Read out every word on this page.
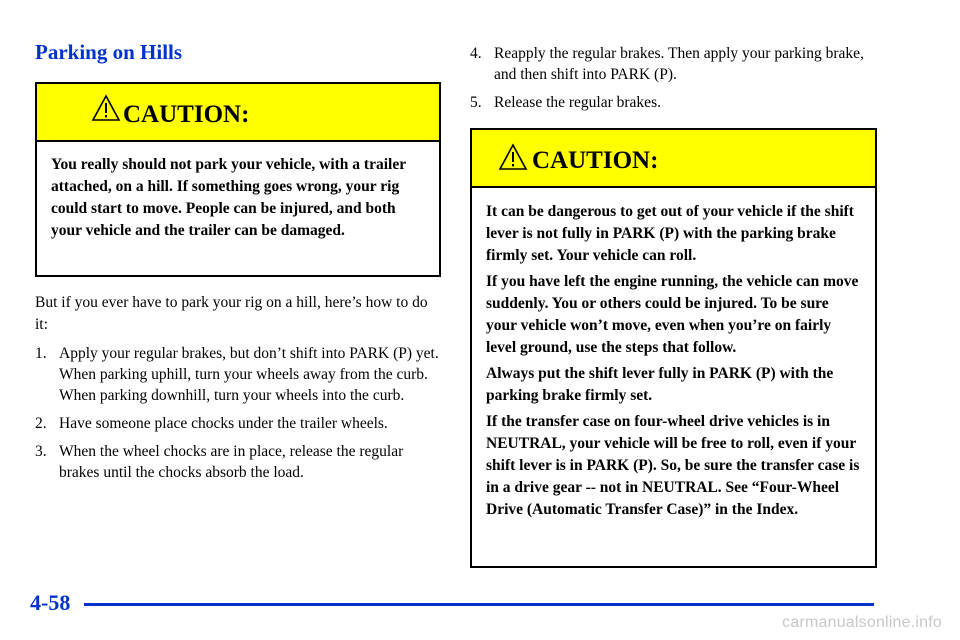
Parking on Hills
CAUTION:

You really should not park your vehicle, with a trailer attached, on a hill. If something goes wrong, your rig could start to move. People can be injured, and both your vehicle and the trailer can be damaged.

But if you ever have to park your rig on a hill, here’s how to do it:

1. Apply your regular brakes, but don’t shift into PARK (P) yet. When parking uphill, turn your wheels away from the curb. When parking downhill, turn your wheels into the curb.
2. Have someone place chocks under the trailer wheels.
3. When the wheel chocks are in place, release the regular brakes until the chocks absorb the load.
4. Reapply the regular brakes. Then apply your parking brake, and then shift into PARK (P).
5. Release the regular brakes.
CAUTION:

It can be dangerous to get out of your vehicle if the shift lever is not fully in PARK (P) with the parking brake firmly set. Your vehicle can roll.

If you have left the engine running, the vehicle can move suddenly. You or others could be injured. To be sure your vehicle won’t move, even when you’re on fairly level ground, use the steps that follow.

Always put the shift lever fully in PARK (P) with the parking brake firmly set.

If the transfer case on four-wheel drive vehicles is in NEUTRAL, your vehicle will be free to roll, even if your shift lever is in PARK (P). So, be sure the transfer case is in a drive gear -- not in NEUTRAL. See “Four-Wheel Drive (Automatic Transfer Case)” in the Index.

4-58

carmanualsonline.info
